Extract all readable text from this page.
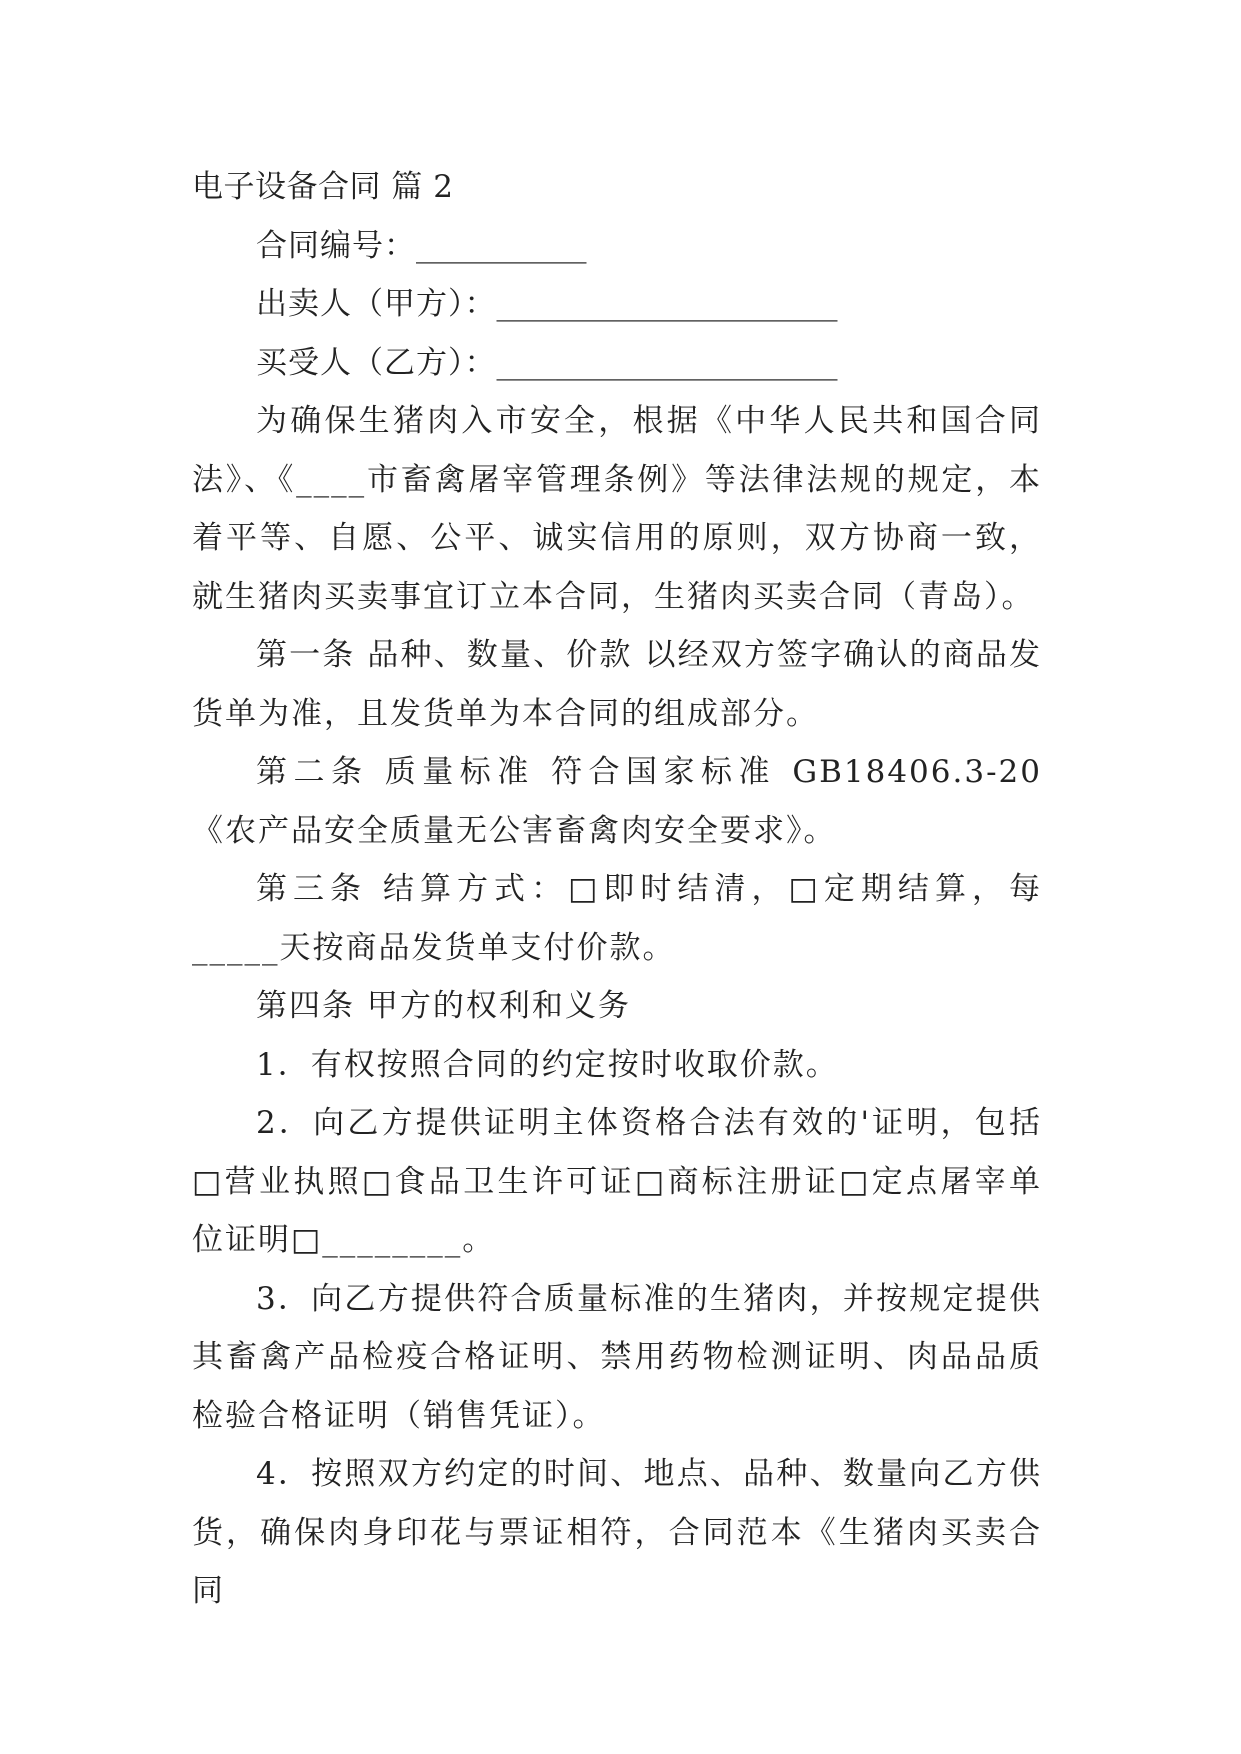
电子设备合同 篇 2
合同编号：___________
出卖人（甲方）：______________________
买受人（乙方）：______________________

为确保生猪肉入市安全，根据《中华人民共和国合同法》、《____市畜禽屠宰管理条例》等法律法规的规定，本着平等、自愿、公平、诚实信用的原则，双方协商一致，就生猪肉买卖事宜订立本合同，生猪肉买卖合同（青岛）。

第一条 品种、数量、价款 以经双方签字确认的商品发货单为准，且发货单为本合同的组成部分。

第二条 质量标准 符合国家标准 GB18406.3-20 《农产品安全质量无公害畜禽肉安全要求》。

第三条 结算方式：□即时结清，□定期结算，每_____天按商品发货单支付价款。

第四条 甲方的权利和义务

1．有权按照合同的约定按时收取价款。

2．向乙方提供证明主体资格合法有效的'证明，包括□营业执照□食品卫生许可证□商标注册证□定点屠宰单位证明□________。

3．向乙方提供符合质量标准的生猪肉，并按规定提供其畜禽产品检疫合格证明、禁用药物检测证明、肉品品质检验合格证明（销售凭证）。

4．按照双方约定的时间、地点、品种、数量向乙方供货，确保肉身印花与票证相符，合同范本《生猪肉买卖合同
